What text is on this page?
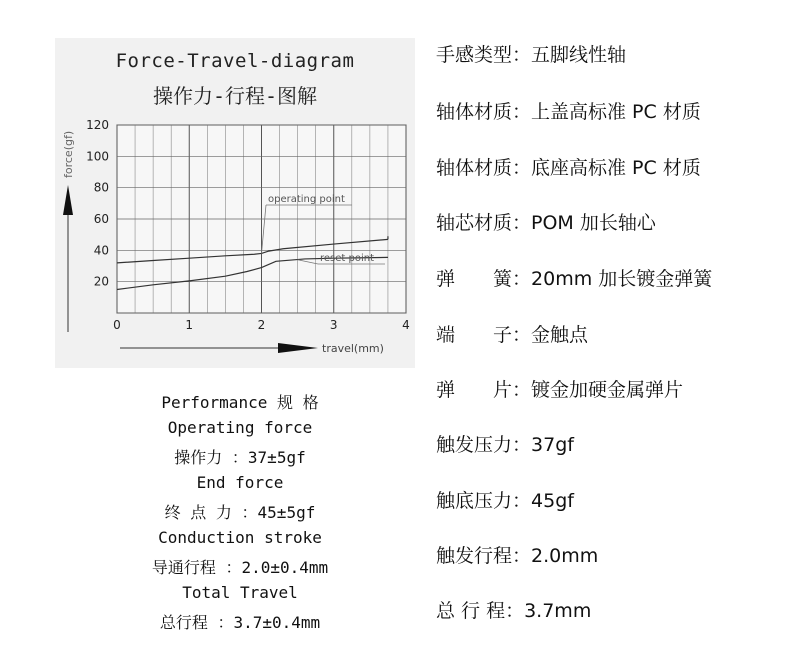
Force-Travel-diagram
操作力-行程-图解
0	1	2	3	4
20
40
60
80
100
120
travel(mm)
force(gf)
operating point
reset point
Performance 规 格
Operating force
操作力 ：37±5gf
End force
终 点 力 ：45±5gf
Conduction stroke
导通行程 ：2.0±0.4mm
Total Travel
总行程 ：3.7±0.4mm
手感类型：五脚线性轴
轴体材质：上盖高标准 PC 材质
轴体材质：底座高标准 PC 材质
轴芯材质：POM 加长轴心
弹　　簧：20mm 加长镀金弹簧
端　　子：金触点
弹　　片：镀金加硬金属弹片
触发压力：37gf
触底压力：45gf
触发行程：2.0mm
总 行 程：3.7mm
